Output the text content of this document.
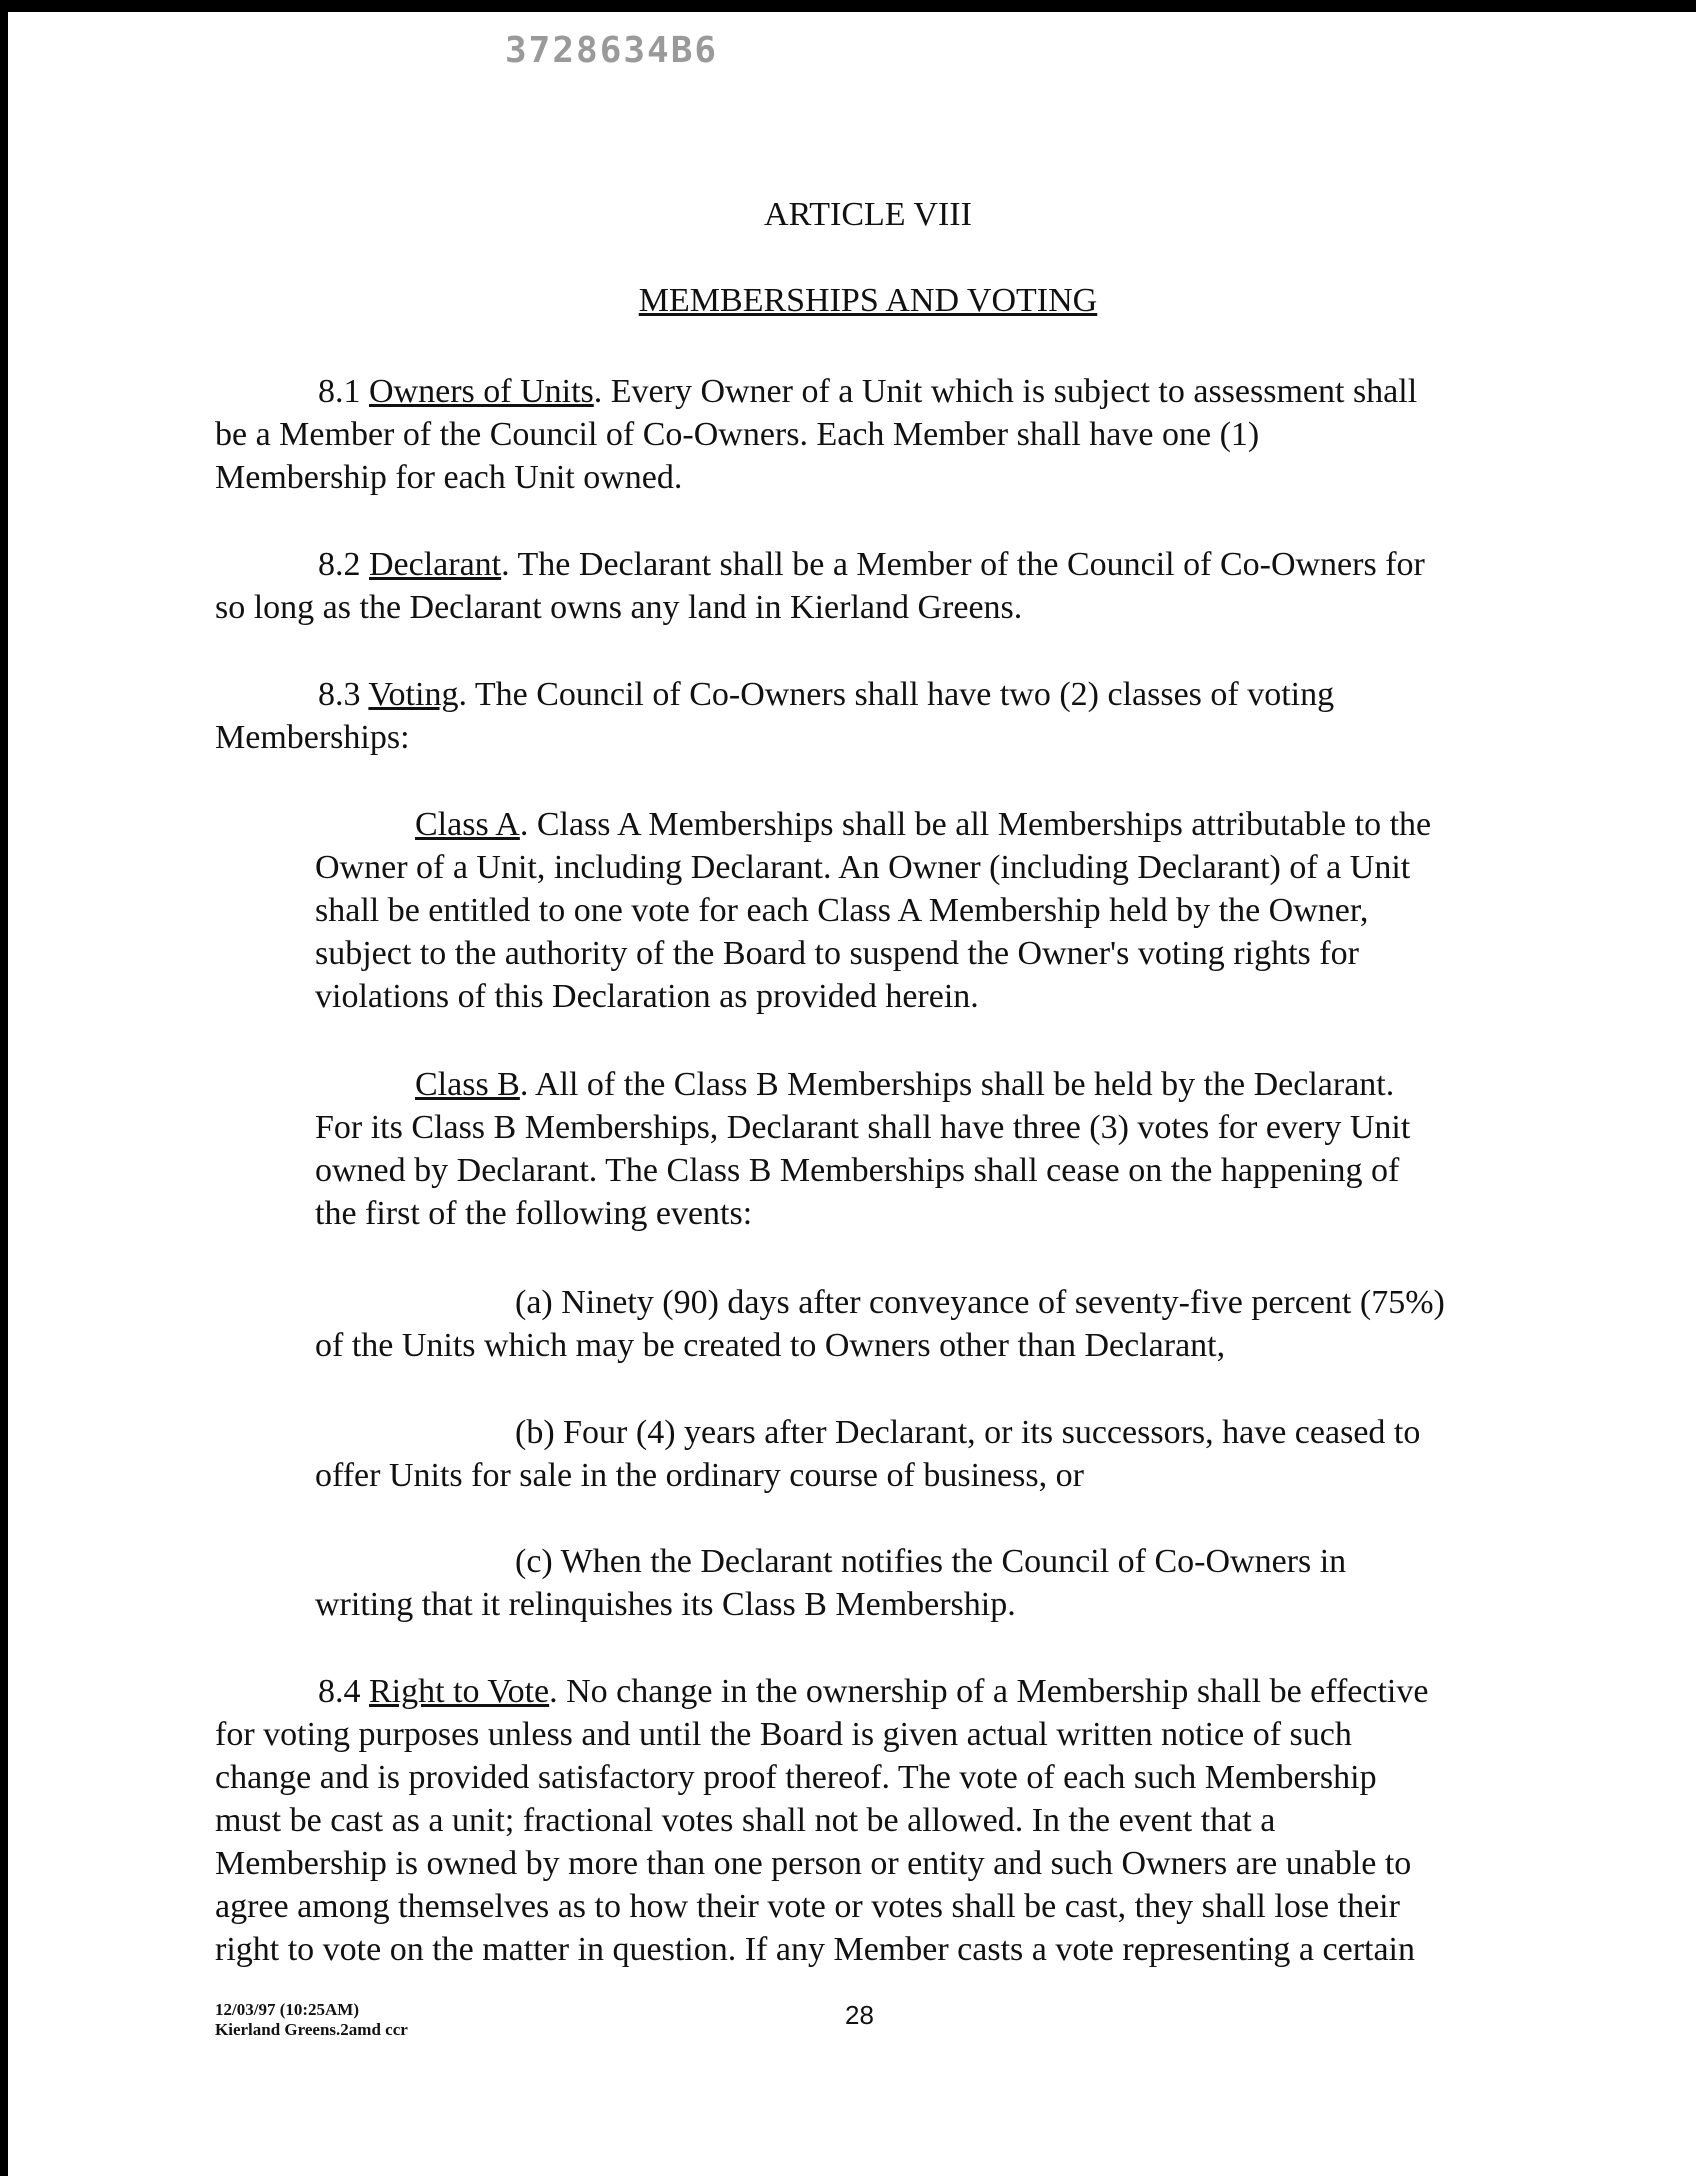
3728634B6
ARTICLE VIII
MEMBERSHIPS AND VOTING
8.1 Owners of Units. Every Owner of a Unit which is subject to assessment shall
be a Member of the Council of Co-Owners. Each Member shall have one (1)
Membership for each Unit owned.
8.2 Declarant. The Declarant shall be a Member of the Council of Co-Owners for
so long as the Declarant owns any land in Kierland Greens.
8.3 Voting. The Council of Co-Owners shall have two (2) classes of voting
Memberships:
Class A. Class A Memberships shall be all Memberships attributable to the
Owner of a Unit, including Declarant. An Owner (including Declarant) of a Unit
shall be entitled to one vote for each Class A Membership held by the Owner,
subject to the authority of the Board to suspend the Owner's voting rights for
violations of this Declaration as provided herein.
Class B. All of the Class B Memberships shall be held by the Declarant.
For its Class B Memberships, Declarant shall have three (3) votes for every Unit
owned by Declarant. The Class B Memberships shall cease on the happening of
the first of the following events:
(a) Ninety (90) days after conveyance of seventy-five percent (75%)
of the Units which may be created to Owners other than Declarant,
(b) Four (4) years after Declarant, or its successors, have ceased to
offer Units for sale in the ordinary course of business, or
(c) When the Declarant notifies the Council of Co-Owners in
writing that it relinquishes its Class B Membership.
8.4 Right to Vote. No change in the ownership of a Membership shall be effective
for voting purposes unless and until the Board is given actual written notice of such
change and is provided satisfactory proof thereof. The vote of each such Membership
must be cast as a unit; fractional votes shall not be allowed. In the event that a
Membership is owned by more than one person or entity and such Owners are unable to
agree among themselves as to how their vote or votes shall be cast, they shall lose their
right to vote on the matter in question. If any Member casts a vote representing a certain
12/03/97 (10:25AM)
Kierland Greens.2amd ccr	28
